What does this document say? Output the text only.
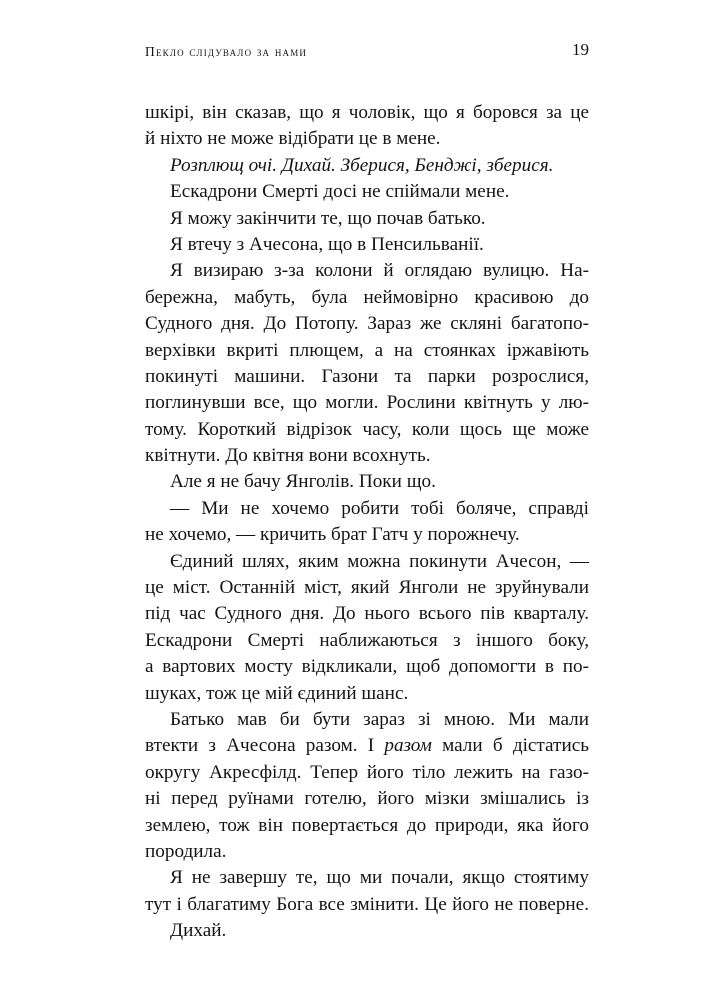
Пекло слідувало за нами	19
шкірі, він сказав, що я чоловік, що я боровся за це
й ніхто не може відібрати це в мене.
Розплющ очі. Дихай. Зберися, Бенджі, зберися.
Ескадрони Смерті досі не спіймали мене.
Я можу закінчити те, що почав батько.
Я втечу з Ачесона, що в Пенсильванії.
Я визираю з-за колони й оглядаю вулицю. На-
бережна, мабуть, була неймовірно красивою до
Судного дня. До Потопу. Зараз же скляні багатопо-
верхівки вкриті плющем, а на стоянках іржавіють
покинуті машини. Газони та парки розрослися,
поглинувши все, що могли. Рослини квітнуть у лю-
тому. Короткий відрізок часу, коли щось ще може
квітнути. До квітня вони всохнуть.
Але я не бачу Янголів. Поки що.
— Ми не хочемо робити тобі боляче, справді
не хочемо, — кричить брат Гатч у порожнечу.
Єдиний шлях, яким можна покинути Ачесон, —
це міст. Останній міст, який Янголи не зруйнували
під час Судного дня. До нього всього пів кварталу.
Ескадрони Смерті наближаються з іншого боку,
а вартових мосту відкликали, щоб допомогти в по-
шуках, тож це мій єдиний шанс.
Батько мав би бути зараз зі мною. Ми мали
втекти з Ачесона разом. І разом мали б дістатись
округу Акресфілд. Тепер його тіло лежить на газо-
ні перед руїнами готелю, його мізки змішались із
землею, тож він повертається до природи, яка його
породила.
Я не завершу те, що ми почали, якщо стоятиму
тут і благатиму Бога все змінити. Це його не поверне.
Дихай.
